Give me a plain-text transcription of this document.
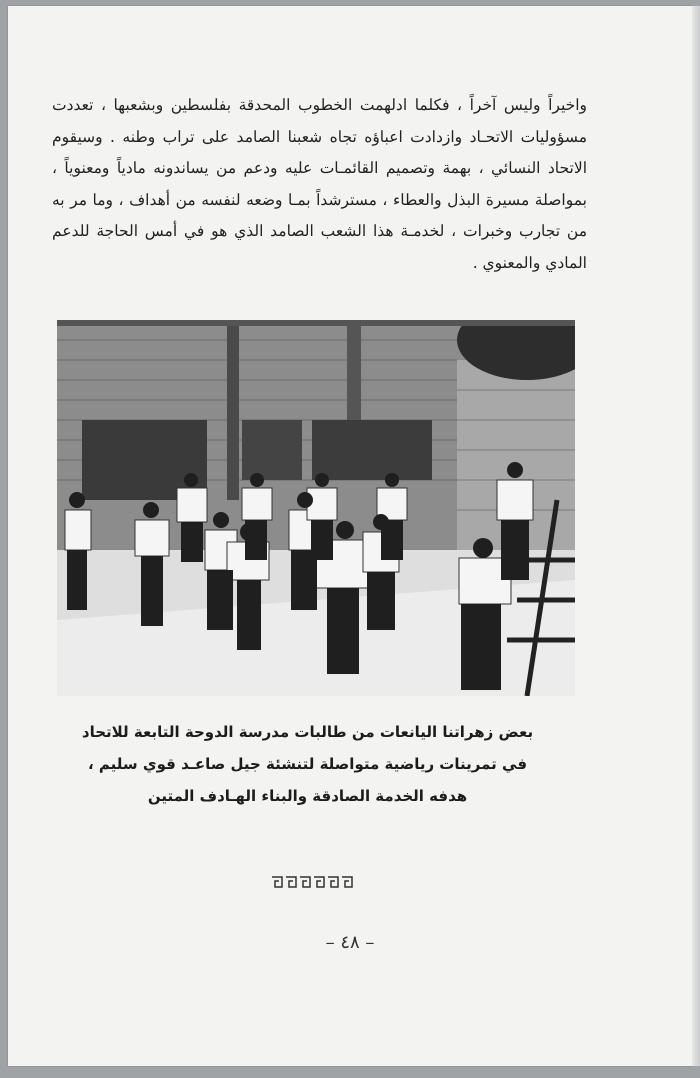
واخيراً وليس آخراً ، فكلما ادلهمت الخطوب المحدقة بفلسطين وبشعبها ، تعددت مسؤوليات الاتحـاد وازدادت اعباؤه تجاه شعبنا الصامد على تراب وطنه . وسيقوم الاتحاد النسائي ، بهمة وتصميم القائمـات عليه ودعم من يساندونه مادياً ومعنوياً ، بمواصلة مسيرة البذل والعطاء ، مسترشداً بمـا وضعه لنفسه من أهداف ، وما مر به من تجارب وخبرات ، لخدمـة هذا الشعب الصامد الذي هو في أمس الحاجة للدعم المادي والمعنوي .
بعض زهراتنا اليانعات من طالبات مدرسة الدوحة التابعة للاتحاد
في تمرينات رياضية متواصلة لتنشئة جيل صاعـد قوي سليم ،
هدفه الخدمة الصادقة والبناء الهـادف المتين
– ٤٨ –
